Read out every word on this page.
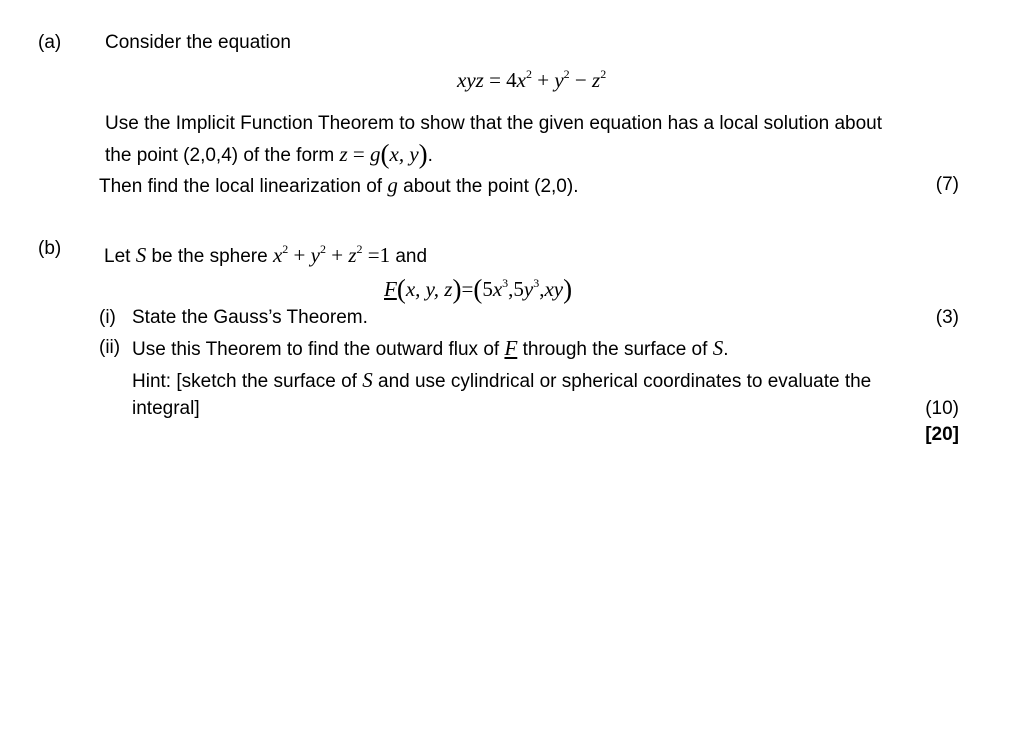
(a) Consider the equation
xyz = $4x^2 + y^2 - z^2$
Use the Implicit Function Theorem to show that the given equation has a local solution about
the point (2,0,4) of the form z = g(x, y).
Then find the local linearization of g about the point (2,0).	(7)
(b) Let S be the sphere $x^2 + y^2 + z^2 =1$ and
F(x, y, $z)=(5x^3,5y^3,xy)$
(i) State the Gauss’s Theorem.	(3)
(ii) Use this Theorem to find the outward flux of F through the surface of S.
Hint: [sketch the surface of S and use cylindrical or spherical coordinates to evaluate the
integral]	(10)
[20]
